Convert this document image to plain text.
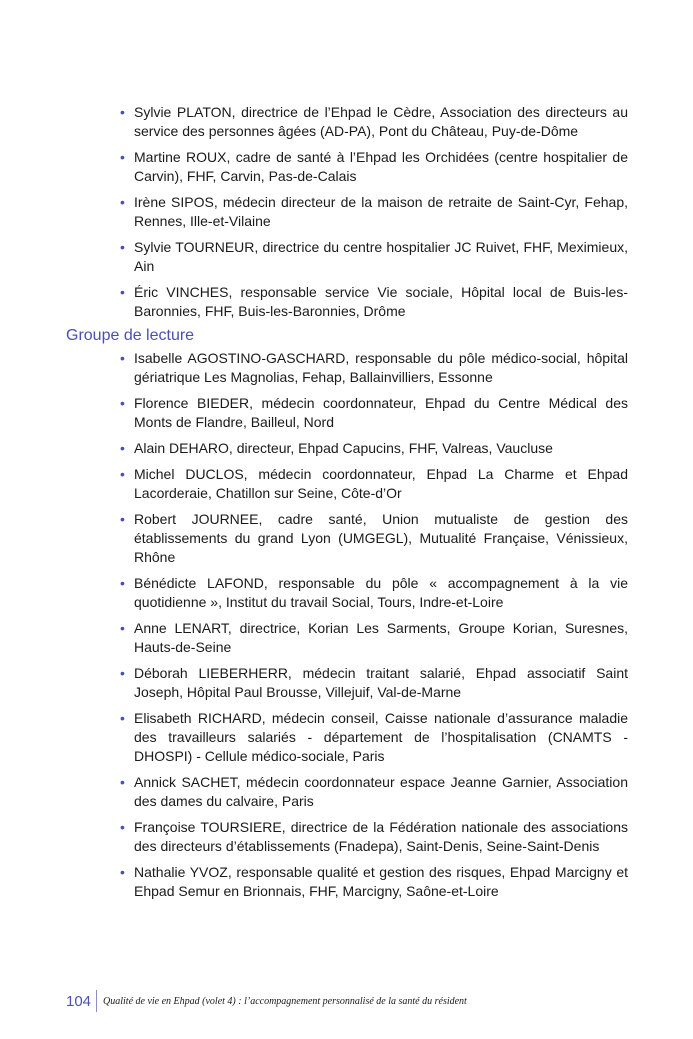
• Sylvie PLATON, directrice de l’Ehpad le Cèdre, Association des directeurs au service des personnes âgées (AD-PA), Pont du Château, Puy-de-Dôme
• Martine ROUX, cadre de santé à l’Ehpad les Orchidées (centre hospitalier de Carvin), FHF, Carvin, Pas-de-Calais
• Irène SIPOS, médecin directeur de la maison de retraite de Saint-Cyr, Fehap, Rennes, Ille-et-Vilaine
• Sylvie TOURNEUR, directrice du centre hospitalier JC Ruivet, FHF, Meximieux, Ain
• Éric VINCHES, responsable service Vie sociale, Hôpital local de Buis-les-Baronnies, FHF, Buis-les-Baronnies, Drôme
Groupe de lecture
• Isabelle AGOSTINO-GASCHARD, responsable du pôle médico-social, hôpital gériatrique Les Magnolias, Fehap, Ballainvilliers, Essonne
• Florence BIEDER, médecin coordonnateur, Ehpad du Centre Médical des Monts de Flandre, Bailleul, Nord
• Alain DEHARO, directeur, Ehpad Capucins, FHF, Valreas, Vaucluse
• Michel DUCLOS, médecin coordonnateur, Ehpad La Charme et Ehpad Lacorderaie, Chatillon sur Seine, Côte-d’Or
• Robert JOURNEE, cadre santé, Union mutualiste de gestion des établissements du grand Lyon (UMGEGL), Mutualité Française, Vénissieux, Rhône
• Bénédicte LAFOND, responsable du pôle « accompagnement à la vie quotidienne », Institut du travail Social, Tours, Indre-et-Loire
• Anne LENART, directrice, Korian Les Sarments, Groupe Korian, Suresnes, Hauts-de-Seine
• Déborah LIEBERHERR, médecin traitant salarié, Ehpad associatif Saint Joseph, Hôpital Paul Brousse, Villejuif, Val-de-Marne
• Elisabeth RICHARD, médecin conseil, Caisse nationale d’assurance maladie des travailleurs salariés - département de l’hospitalisation (CNAMTS - DHOSPI) - Cellule médico-sociale, Paris
• Annick SACHET, médecin coordonnateur espace Jeanne Garnier, Association des dames du calvaire, Paris
• Françoise TOURSIERE, directrice de la Fédération nationale des associations des directeurs d’établissements (Fnadepa), Saint-Denis, Seine-Saint-Denis
• Nathalie YVOZ, responsable qualité et gestion des risques, Ehpad Marcigny et Ehpad Semur en Brionnais, FHF, Marcigny, Saône-et-Loire
104	Qualité de vie en Ehpad (volet 4) : l’accompagnement personnalisé de la santé du résident
